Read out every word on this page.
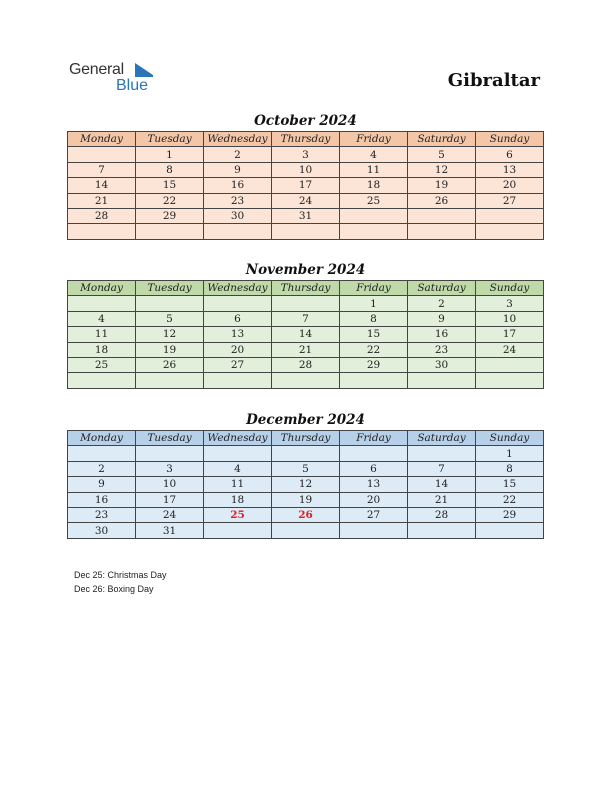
General
Blue	Gibraltar
October 2024
Monday	Tuesday	Wednesday	Thursday	Friday	Saturday	Sunday
	1	2	3	4	5	6
7	8	9	10	11	12	13
14	15	16	17	18	19	20
21	22	23	24	25	26	27
28	29	30	31			

November 2024
Monday	Tuesday	Wednesday	Thursday	Friday	Saturday	Sunday
				1	2	3
4	5	6	7	8	9	10
11	12	13	14	15	16	17
18	19	20	21	22	23	24
25	26	27	28	29	30	

December 2024
Monday	Tuesday	Wednesday	Thursday	Friday	Saturday	Sunday
						1
2	3	4	5	6	7	8
9	10	11	12	13	14	15
16	17	18	19	20	21	22
23	24	25	26	27	28	29
30	31					
Dec 25: Christmas Day
Dec 26: Boxing Day
